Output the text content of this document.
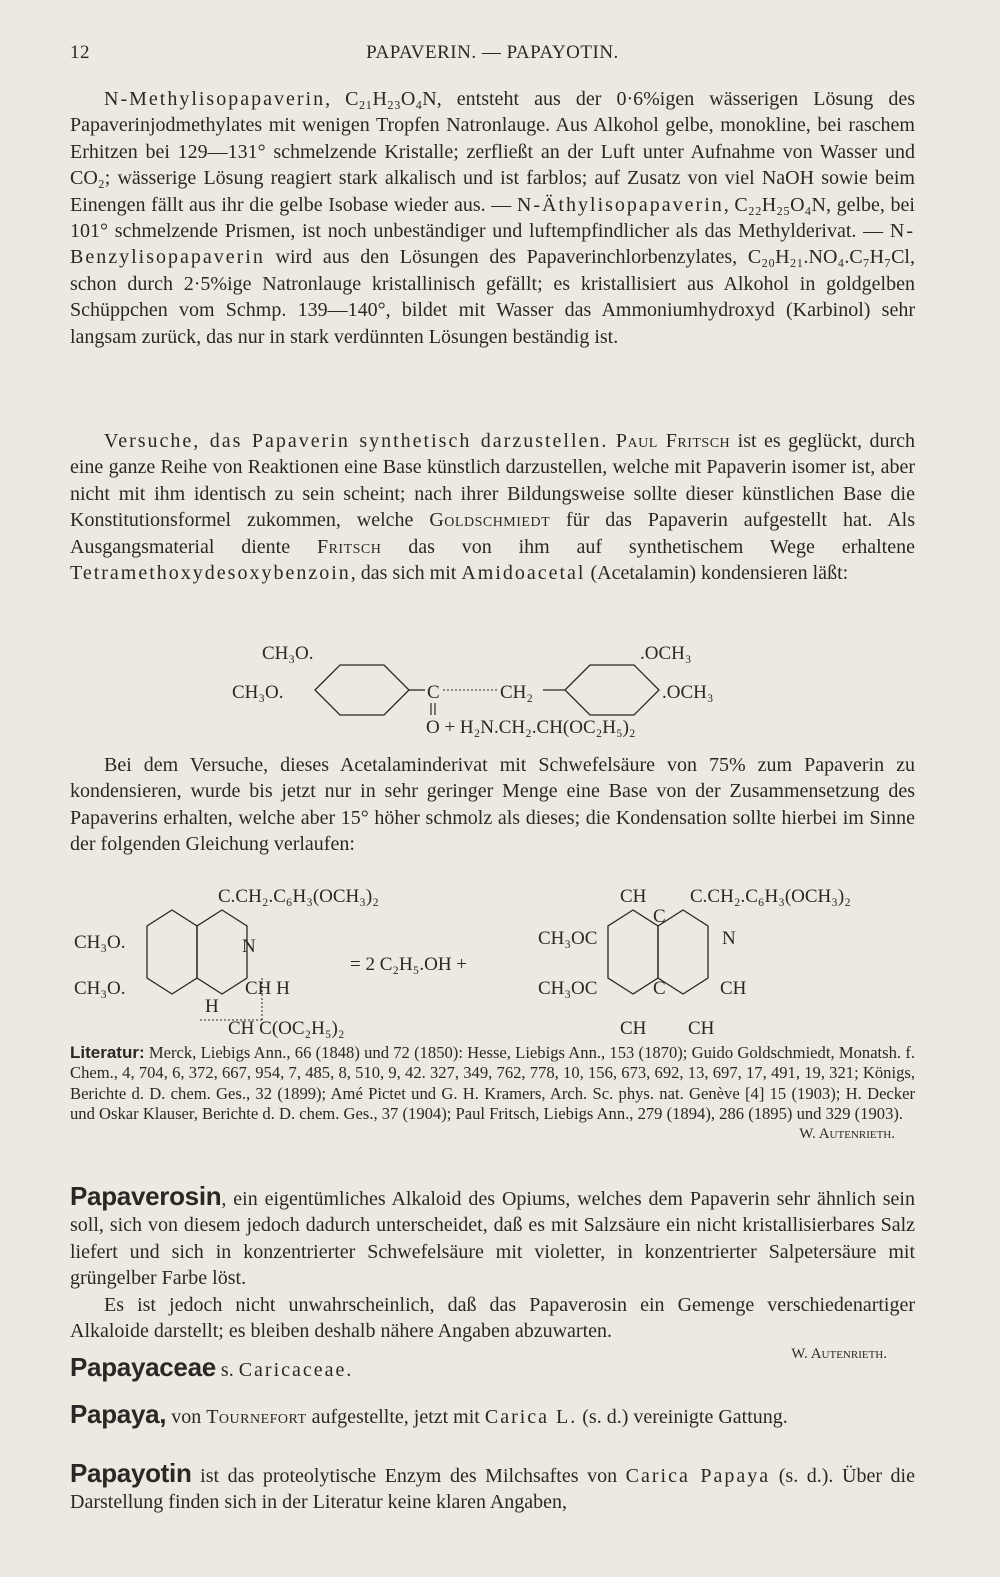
12	PAPAVERIN. — PAPAYOTIN.

N-Methylisopapaverin, C₂₁H₂₃O₄N, entsteht aus der 0·6%igen wässerigen Lösung des Papaverinjodmethylates mit wenigen Tropfen Natronlauge. Aus Alkohol gelbe, monokline, bei raschem Erhitzen bei 129—131° schmelzende Kristalle; zerfließt an der Luft unter Aufnahme von Wasser und CO₂; wässerige Lösung reagiert stark alkalisch und ist farblos; auf Zusatz von viel NaOH sowie beim Einengen fällt aus ihr die gelbe Isobase wieder aus. — N-Äthylisopapaverin, C₂₂H₂₅O₄N, gelbe, bei 101° schmelzende Prismen, ist noch unbeständiger und luftempfindlicher als das Methylderivat. — N-Benzylisopapaverin wird aus den Lösungen des Papaverinchlorbenzylates, C₂₀H₂₁.NO₄.C₇H₇Cl, schon durch 2·5%ige Natronlauge kristallinisch gefällt; es kristallisiert aus Alkohol in goldgelben Schüppchen vom Schmp. 139—140°, bildet mit Wasser das Ammoniumhydroxyd (Karbinol) sehr langsam zurück, das nur in stark verdünnten Lösungen beständig ist.

Versuche, das Papaverin synthetisch darzustellen. Paul Fritsch ist es geglückt, durch eine ganze Reihe von Reaktionen eine Base künstlich darzustellen, welche mit Papaverin isomer ist, aber nicht mit ihm identisch zu sein scheint; nach ihrer Bildungsweise sollte dieser künstlichen Base die Konstitutionsformel zukommen, welche Goldschmiedt für das Papaverin aufgestellt hat. Als Ausgangsmaterial diente Fritsch das von ihm auf synthetischem Wege erhaltene Tetramethoxydesoxybenzoin, das sich mit Amidoacetal (Acetalamin) kondensieren läßt:

CH₃O.
CH₃O.	C	CH₂
.OCH₃
.OCH₃
O + H₂N.CH₂.CH(OC₂H₅)₂

Bei dem Versuche, dieses Acetalaminderivat mit Schwefelsäure von 75% zum Papaverin zu kondensieren, wurde bis jetzt nur in sehr geringer Menge eine Base von der Zusammensetzung des Papaverins erhalten, welche aber 15° höher schmolz als dieses; die Kondensation sollte hierbei im Sinne der folgenden Gleichung verlaufen:

C.CH₂.C₆H₃(OCH₃)₂
CH₃O.
CH₃O.
N
CH H
H
CH C(OC₂H₅)₂
= 2 C₂H₅.OH +
CH C.CH₂.C₆H₃(OCH₃)₂
CH₃OC
CH₃OC
C
C
N
CH
CH CH
Literatur: Merck, Liebigs Ann., 66 (1848) und 72 (1850): Hesse, Liebigs Ann., 153 (1870); Guido Goldschmiedt, Monatsh. f. Chem., 4, 704, 6, 372, 667, 954, 7, 485, 8, 510, 9, 42. 327, 349, 762, 778, 10, 156, 673, 692, 13, 697, 17, 491, 19, 321; Königs, Berichte d. D. chem. Ges., 32 (1899); Amé Pictet und G. H. Kramers, Arch. Sc. phys. nat. Genève [4] 15 (1903); H. Decker und Oskar Klauser, Berichte d. D. chem. Ges., 37 (1904); Paul Fritsch, Liebigs Ann., 279 (1894), 286 (1895) und 329 (1903).
W. Autenrieth.

Papaverosin, ein eigentümliches Alkaloid des Opiums, welches dem Papaverin sehr ähnlich sein soll, sich von diesem jedoch dadurch unterscheidet, daß es mit Salzsäure ein nicht kristallisierbares Salz liefert und sich in konzentrierter Schwefelsäure mit violetter, in konzentrierter Salpetersäure mit grüngelber Farbe löst.

Es ist jedoch nicht unwahrscheinlich, daß das Papaverosin ein Gemenge verschiedenartiger Alkaloide darstellt; es bleiben deshalb nähere Angaben abzuwarten.

W. Autenrieth.

Papayaceae s. Caricaceae.

Papaya, von Tournefort aufgestellte, jetzt mit Carica L. (s. d.) vereinigte Gattung.

Papayotin ist das proteolytische Enzym des Milchsaftes von Carica Papaya (s. d.). Über die Darstellung finden sich in der Literatur keine klaren Angaben,
